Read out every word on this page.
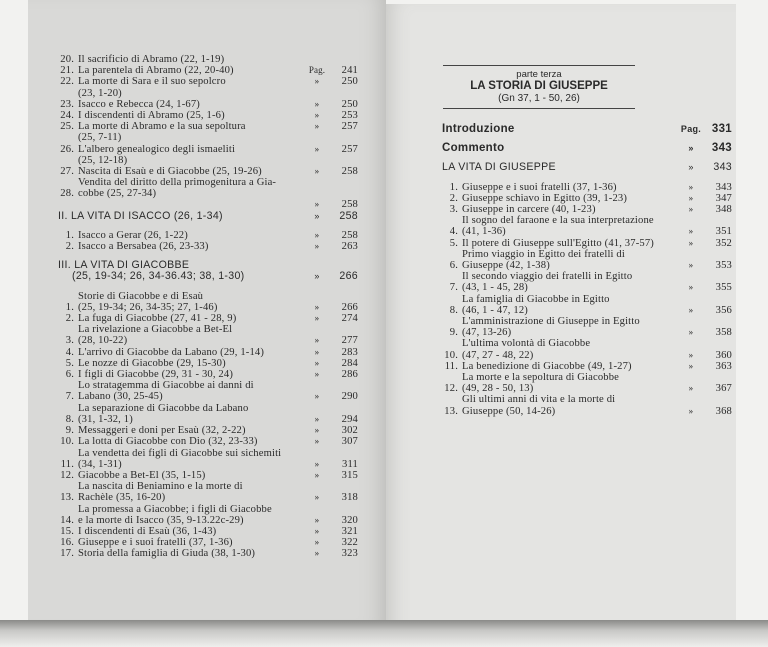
20. Il sacrificio di Abramo (22, 1-19)
21. La parentela di Abramo (22, 20-40)	Pag.	241
22. La morte di Sara e il suo sepolcro
(23, 1-20)
»	250
23. Isacco e Rebecca (24, 1-67)	»	250
24. I discendenti di Abramo (25, 1-6)	»	253
25. La morte di Abramo e la sua sepoltura
(25, 7-11)
»	257
26. L'albero genealogico degli ismaeliti
(25, 12-18)
»	257
27. Nascita di Esaù e di Giacobbe (25, 19-26)	»	258
28.
Vendita del diritto della primogenitura a Gia-
cobbe (25, 27-34)
»	258
II. LA VITA DI ISACCO (26, 1-34)	»	258
1. Isacco a Gerar (26, 1-22)	»	258
2. Isacco a Bersabea (26, 23-33)	»	263
III. LA VITA DI GIACOBBE
(25, 19-34; 26, 34-36.43; 38, 1-30)	»	266
1.
Storie di Giacobbe e di Esaù
(25, 19-34; 26, 34-35; 27, 1-46)	»	266
2. La fuga di Giacobbe (27, 41 - 28, 9)	»	274
3.
La rivelazione a Giacobbe a Bet-El
(28, 10-22)	»	277
4. L'arrivo di Giacobbe da Labano (29, 1-14)	»	283
5. Le nozze di Giacobbe (29, 15-30)	»	284
6. I figli di Giacobbe (29, 31 - 30, 24)	»	286
7.
Lo stratagemma di Giacobbe ai danni di
Labano (30, 25-45)	»	290
8.
La separazione di Giacobbe da Labano
(31, 1-32, 1)	»	294
9. Messaggeri e doni per Esaù (32, 2-22)	»	302
10. La lotta di Giacobbe con Dio (32, 23-33)	»	307
11.
La vendetta dei figli di Giacobbe sui sichemiti
(34, 1-31)	»	311
12. Giacobbe a Bet-El (35, 1-15)	»	315
13.
La nascita di Beniamino e la morte di
Rachèle (35, 16-20)	»	318
14.
La promessa a Giacobbe; i figli di Giacobbe
e la morte di Isacco (35, 9-13.22c-29)	»	320
15. I discendenti di Esaù (36, 1-43)	»	321
16. Giuseppe e i suoi fratelli (37, 1-36)	»	322
17. Storia della famiglia di Giuda (38, 1-30)	»	323
parte terza
LA STORIA DI GIUSEPPE
(Gn 37, 1 - 50, 26)
Introduzione	Pag. 331
Commento	»	343
LA VITA DI GIUSEPPE	»	343
1. Giuseppe e i suoi fratelli (37, 1-36)	»	343
2. Giuseppe schiavo in Egitto (39, 1-23)	»	347
3. Giuseppe in carcere (40, 1-23)	»	348
4.
Il sogno del faraone e la sua interpretazione
(41, 1-36)	»	351
5. Il potere di Giuseppe sull'Egitto (41, 37-57)	»	352
6.
Primo viaggio in Egitto dei fratelli di
Giuseppe (42, 1-38)	»	353
7.
Il secondo viaggio dei fratelli in Egitto
(43, 1 - 45, 28)	»	355
8.
La famiglia di Giacobbe in Egitto
(46, 1 - 47, 12)	»	356
9.
L'amministrazione di Giuseppe in Egitto
(47, 13-26)	»	358
10.
L'ultima volontà di Giacobbe
(47, 27 - 48, 22)	»	360
11. La benedizione di Giacobbe (49, 1-27)	»	363
12.
La morte e la sepoltura di Giacobbe
(49, 28 - 50, 13)	»	367
13.
Gli ultimi anni di vita e la morte di
Giuseppe (50, 14-26)	»	368
